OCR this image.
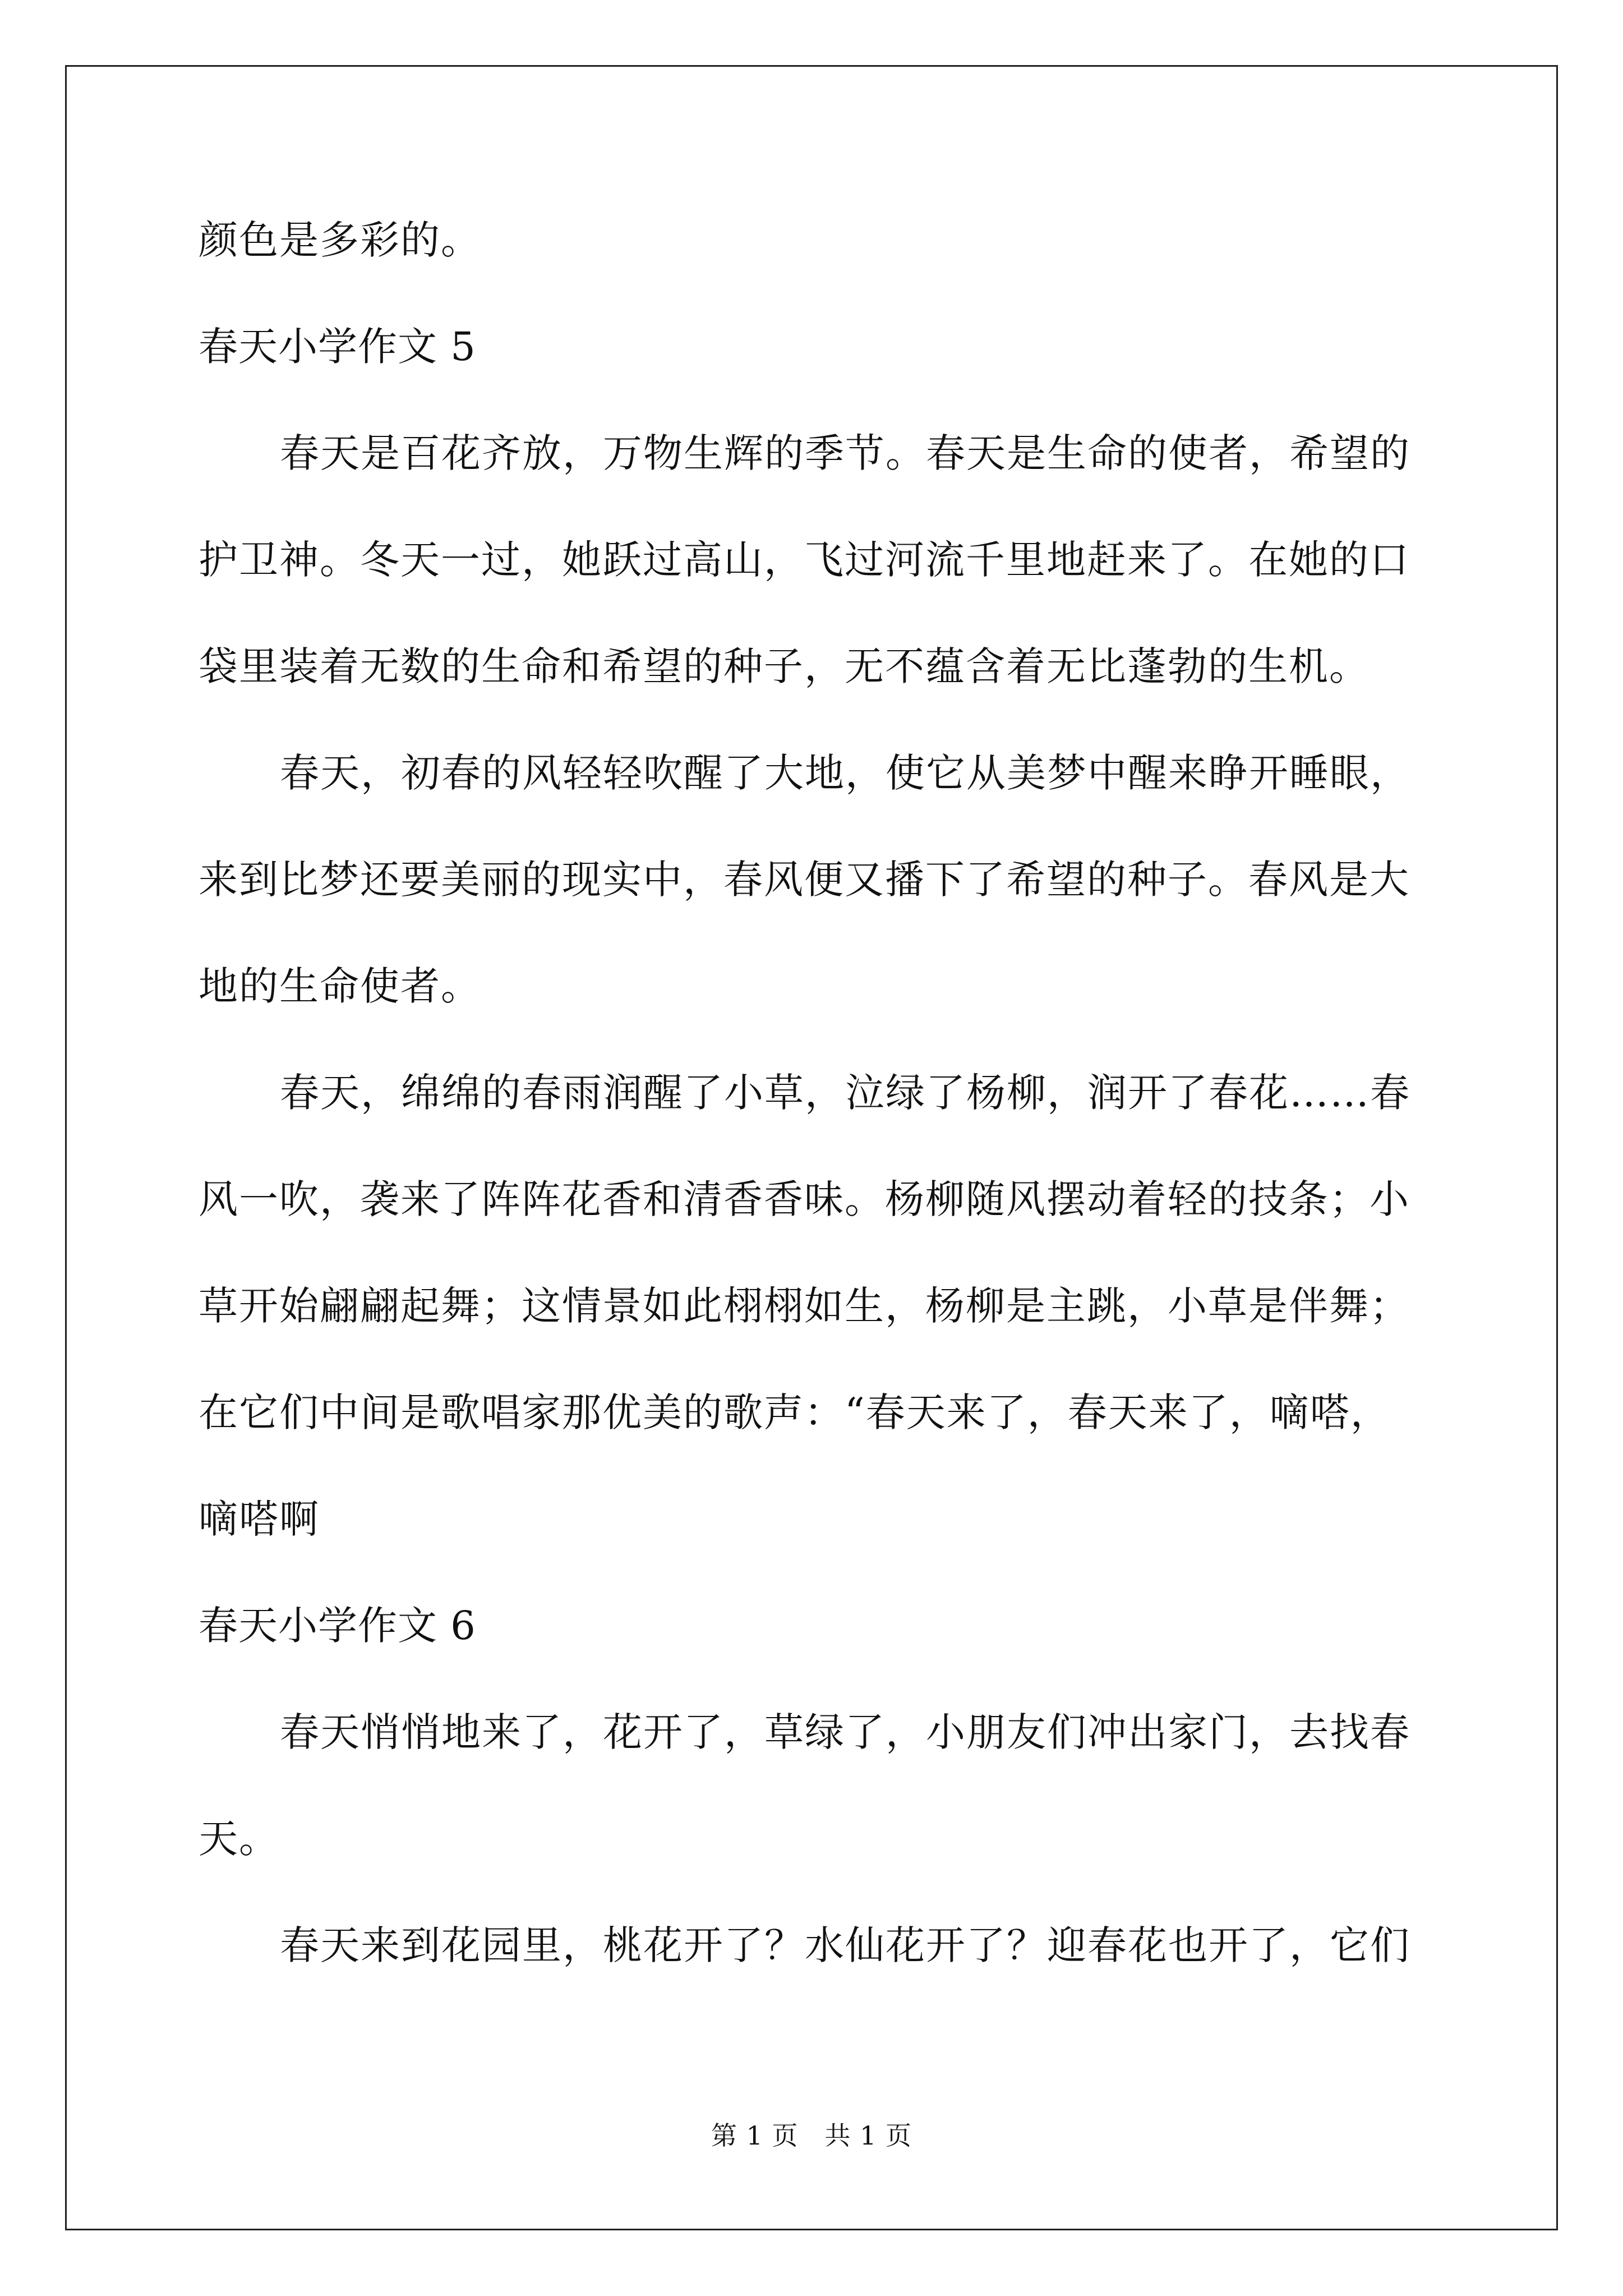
颜色是多彩的。

春天小学作文 5

春天是百花齐放，万物生辉的季节。春天是生命的使者，希望的

护卫神。冬天一过，她跃过高山，飞过河流千里地赶来了。在她的口

袋里装着无数的生命和希望的种子，无不蕴含着无比蓬勃的生机。

春天，初春的风轻轻吹醒了大地，使它从美梦中醒来睁开睡眼，

来到比梦还要美丽的现实中，春风便又播下了希望的种子。春风是大

地的生命使者。

春天，绵绵的春雨润醒了小草，泣绿了杨柳，润开了春花……春

风一吹，袭来了阵阵花香和清香香味。杨柳随风摆动着轻的技条；小

草开始翩翩起舞；这情景如此栩栩如生，杨柳是主跳，小草是伴舞；

在它们中间是歌唱家那优美的歌声：“春天来了，春天来了，嘀嗒，

嘀嗒啊

春天小学作文 6

春天悄悄地来了，花开了，草绿了，小朋友们冲出家门，去找春

天。

春天来到花园里，桃花开了？水仙花开了？迎春花也开了，它们

第 1 页　共 1 页
